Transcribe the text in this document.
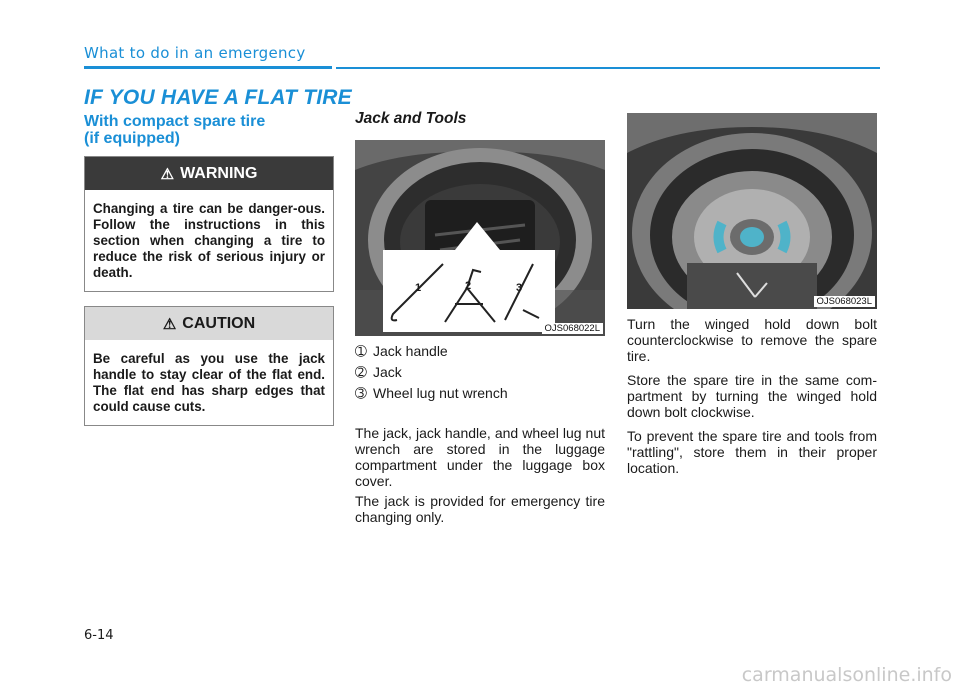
What to do in an emergency
IF YOU HAVE A FLAT TIRE
With compact spare tire
(if equipped)
⚠ WARNING
Changing a tire can be danger-ous. Follow the instructions in this section when changing a tire to reduce the risk of serious injury or death.
⚠ CAUTION
Be careful as you use the jack handle to stay clear of the flat end. The flat end has sharp edges that could cause cuts.
Jack and Tools
1	2	3
OJS068022L
➀ Jack handle
➁ Jack
➂ Wheel lug nut wrench
The jack, jack handle, and wheel lug nut wrench are stored in the luggage compartment under the luggage box cover.
The jack is provided for emergency tire changing only.
OJS068023L
Turn the winged hold down bolt counterclockwise to remove the spare tire.
Store the spare tire in the same com-partment by turning the winged hold down bolt clockwise.
To prevent the spare tire and tools from "rattling", store them in their proper location.
6-14
carmanualsonline.info
